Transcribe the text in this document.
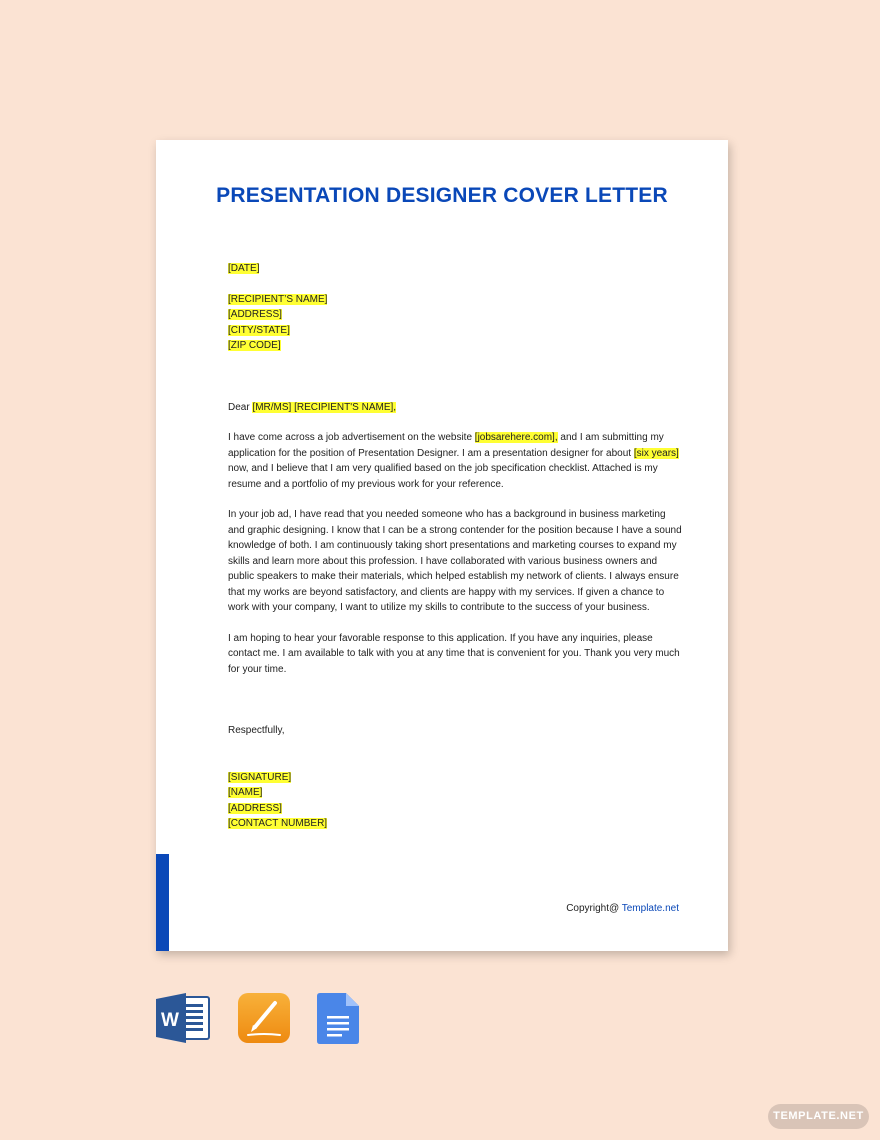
PRESENTATION DESIGNER COVER LETTER

[DATE]

[RECIPIENT’S NAME]

[ADDRESS]

[CITY/STATE]

[ZIP CODE]

Dear [MR/MS] [RECIPIENT'S NAME],

I have come across a job advertisement on the website [jobsarehere.com], and I am submitting my application for the position of Presentation Designer. I am a presentation designer for about [six years] now, and I believe that I am very qualified based on the job specification checklist. Attached is my resume and a portfolio of my previous work for your reference.

In your job ad, I have read that you needed someone who has a background in business marketing and graphic designing. I know that I can be a strong contender for the position because I have a sound knowledge of both. I am continuously taking short presentations and marketing courses to expand my skills and learn more about this profession. I have collaborated with various business owners and public speakers to make their materials, which helped establish my network of clients. I always ensure that my works are beyond satisfactory, and clients are happy with my services. If given a chance to work with your company, I want to utilize my skills to contribute to the success of your business.

I am hoping to hear your favorable response to this application. If you have any inquiries, please contact me. I am available to talk with you at any time that is convenient for you. Thank you very much for your time.

Respectfully,

[SIGNATURE]

[NAME]

[ADDRESS]

[CONTACT NUMBER]

Copyright@ Template.net
W
TEMPLATE.NET
